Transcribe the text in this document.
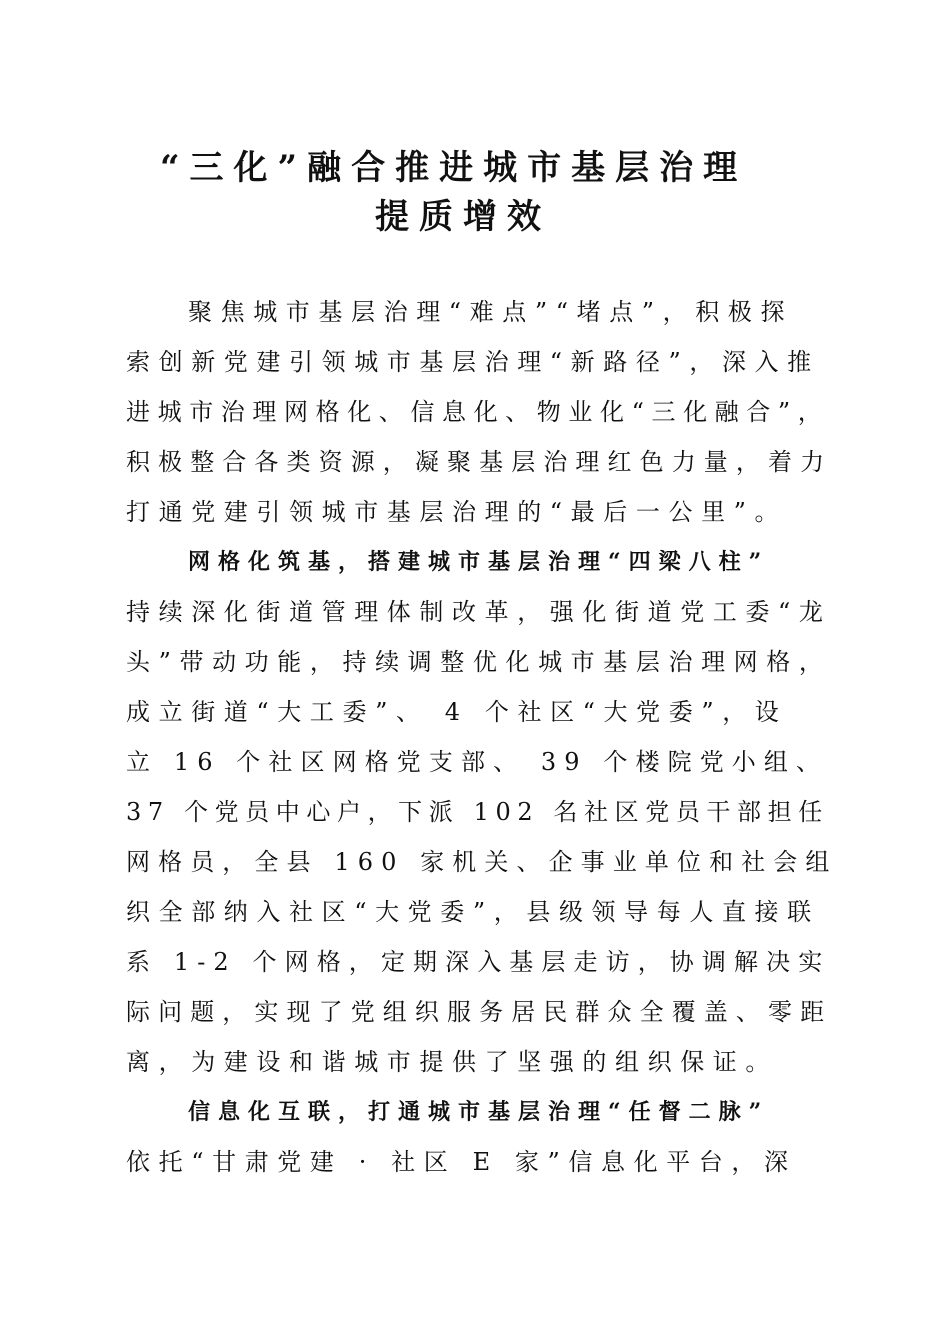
“三化”融合推进城市基层治理
提质增效
聚焦城市基层治理“难点”“堵点”，积极探
索创新党建引领城市基层治理“新路径”，深入推
进城市治理网格化、信息化、物业化“三化融合”，
积极整合各类资源，凝聚基层治理红色力量，着力
打通党建引领城市基层治理的“最后一公里”。
网格化筑基，搭建城市基层治理“四梁八柱”
持续深化街道管理体制改革，强化街道党工委“龙
头”带动功能，持续调整优化城市基层治理网格，
成立街道“大工委”、 4 个社区“大党委”，设
立 16 个社区网格党支部、 39 个楼院党小组、
37 个党员中心户，下派 102 名社区党员干部担任
网格员，全县 160 家机关、企事业单位和社会组
织全部纳入社区“大党委”，县级领导每人直接联
系 1-2 个网格，定期深入基层走访，协调解决实
际问题，实现了党组织服务居民群众全覆盖、零距
离，为建设和谐城市提供了坚强的组织保证。
信息化互联，打通城市基层治理“任督二脉”
依托“甘肃党建 · 社区 E 家”信息化平台，深
